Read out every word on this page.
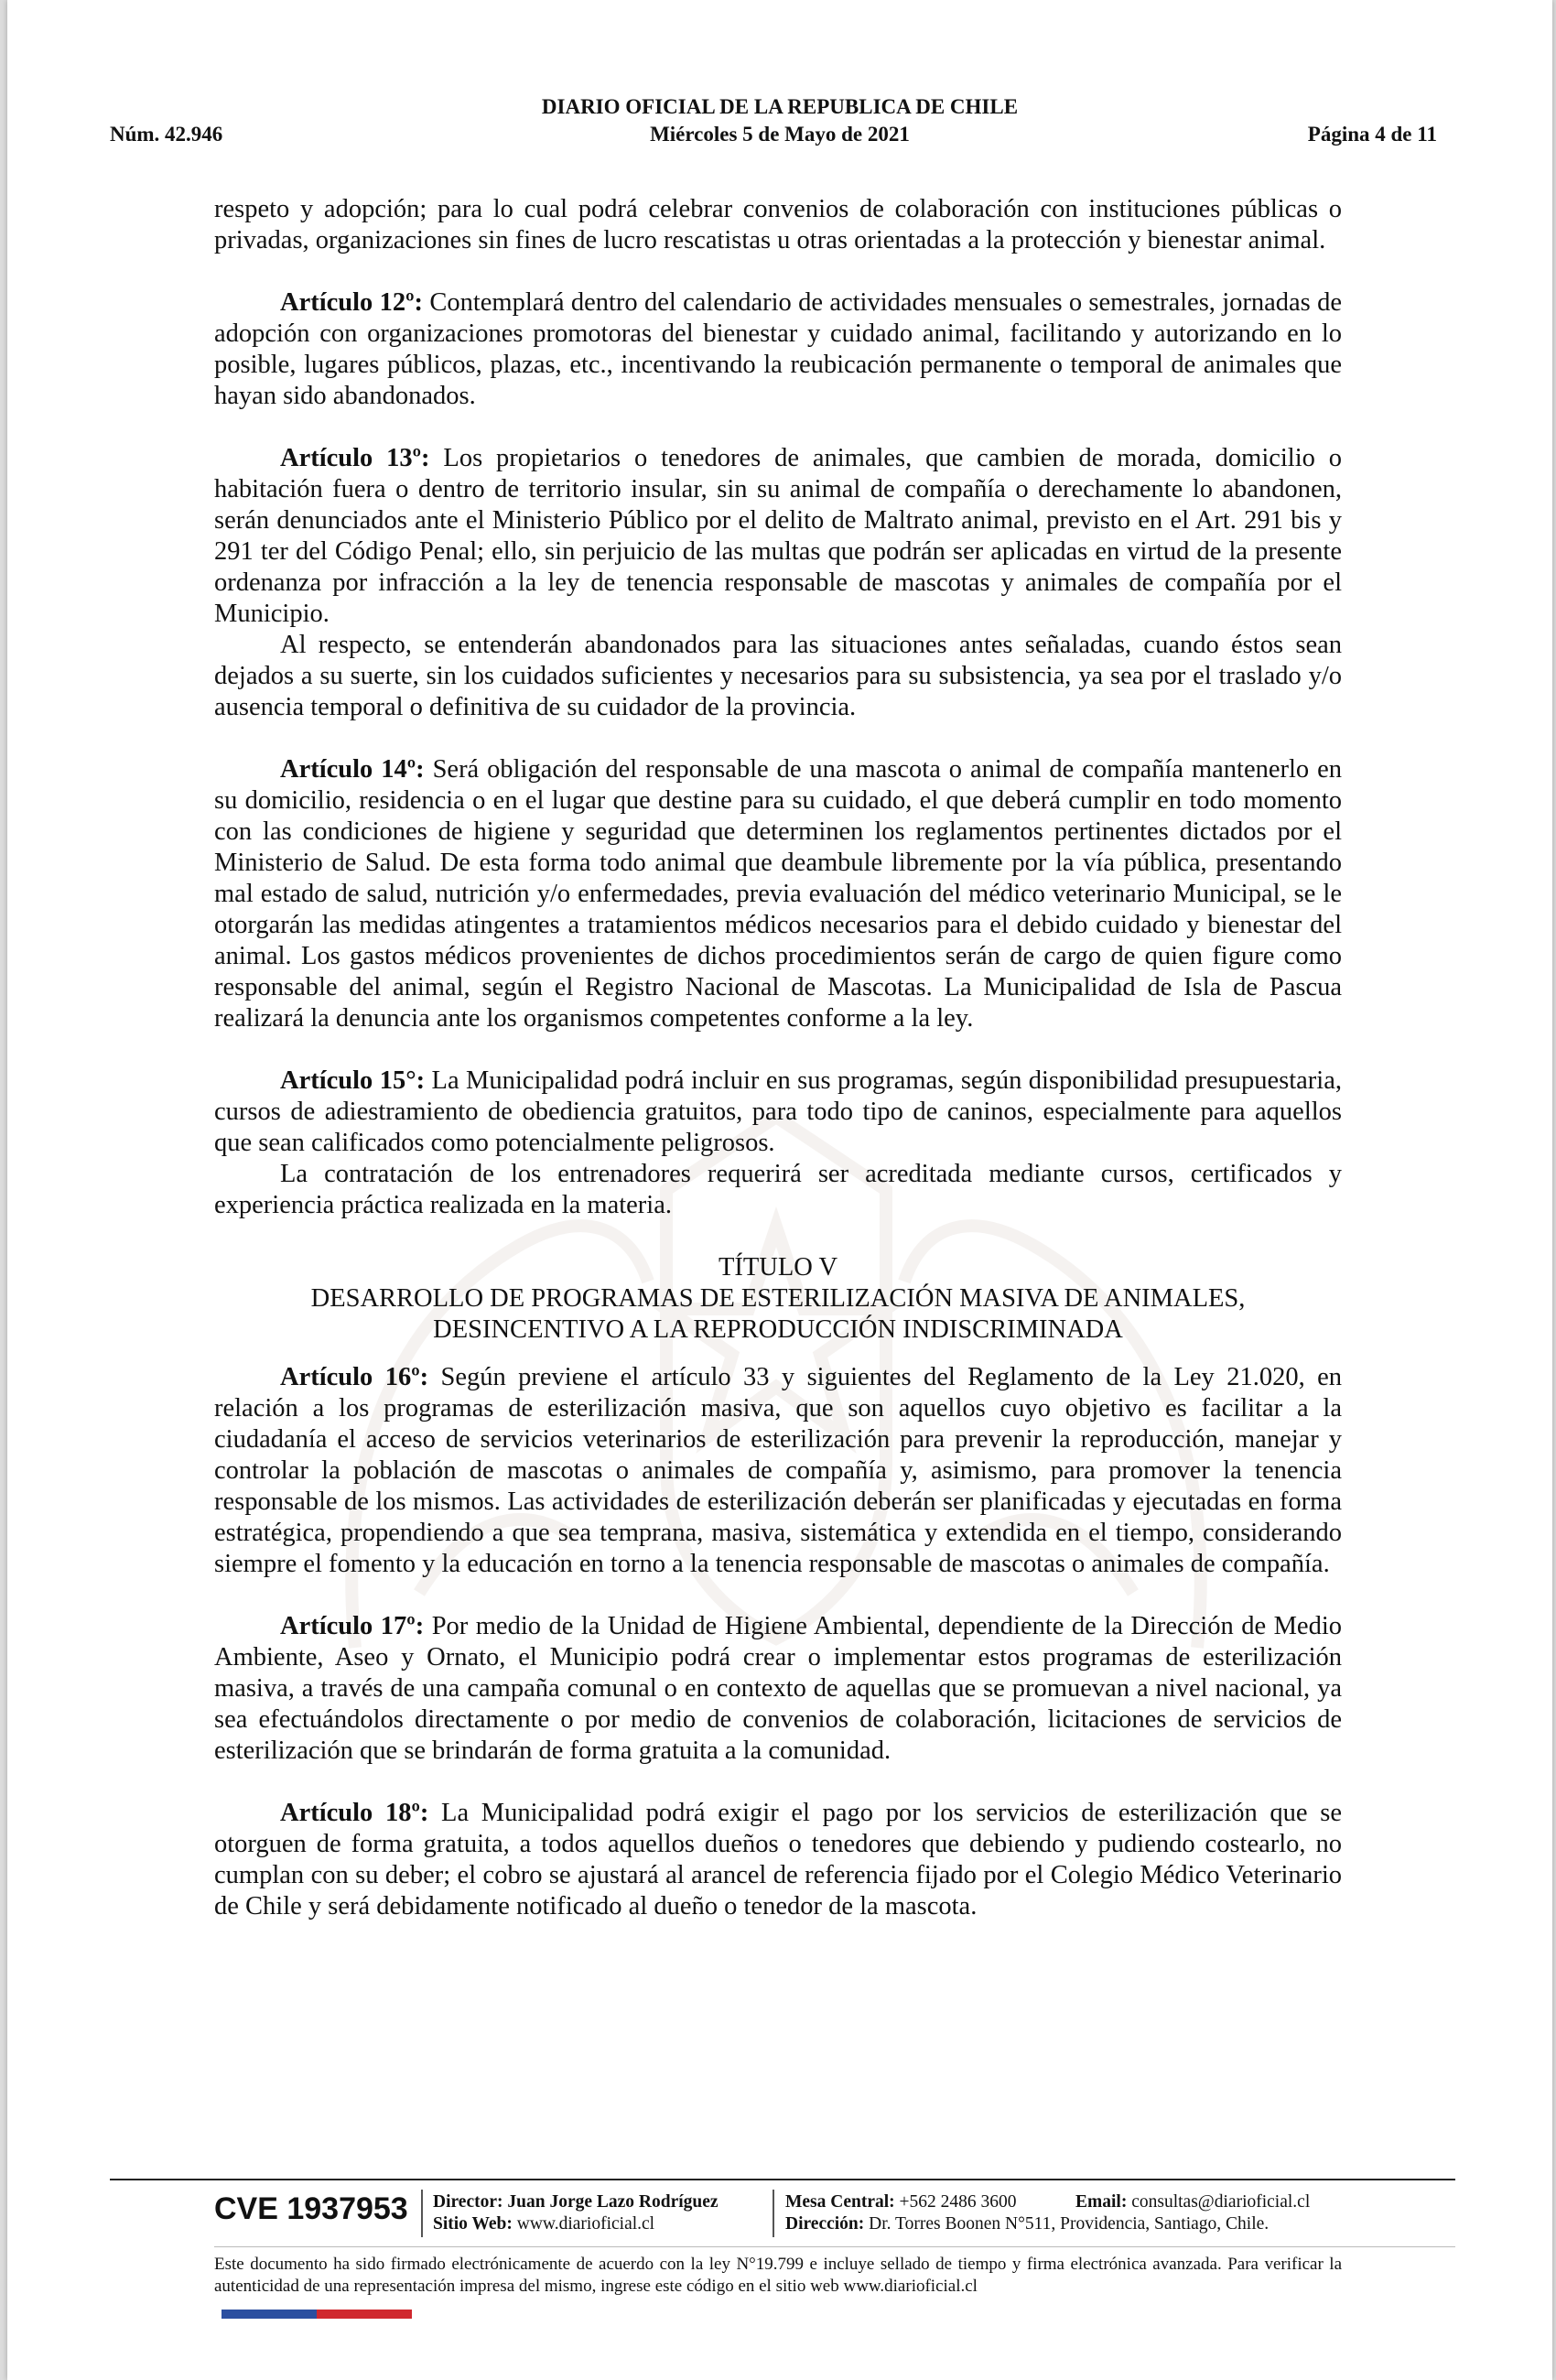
DIARIO OFICIAL DE LA REPUBLICA DE CHILE
Núm. 42.946	Miércoles 5 de Mayo de 2021	Página 4 de 11

respeto y adopción; para lo cual podrá celebrar convenios de colaboración con instituciones públicas o privadas, organizaciones sin fines de lucro rescatistas u otras orientadas a la protección y bienestar animal.

Artículo 12º: Contemplará dentro del calendario de actividades mensuales o semestrales, jornadas de adopción con organizaciones promotoras del bienestar y cuidado animal, facilitando y autorizando en lo posible, lugares públicos, plazas, etc., incentivando la reubicación permanente o temporal de animales que hayan sido abandonados.

Artículo 13º: Los propietarios o tenedores de animales, que cambien de morada, domicilio o habitación fuera o dentro de territorio insular, sin su animal de compañía o derechamente lo abandonen, serán denunciados ante el Ministerio Público por el delito de Maltrato animal, previsto en el Art. 291 bis y 291 ter del Código Penal; ello, sin perjuicio de las multas que podrán ser aplicadas en virtud de la presente ordenanza por infracción a la ley de tenencia responsable de mascotas y animales de compañía por el Municipio.

Al respecto, se entenderán abandonados para las situaciones antes señaladas, cuando éstos sean dejados a su suerte, sin los cuidados suficientes y necesarios para su subsistencia, ya sea por el traslado y/o ausencia temporal o definitiva de su cuidador de la provincia.

Artículo 14º: Será obligación del responsable de una mascota o animal de compañía mantenerlo en su domicilio, residencia o en el lugar que destine para su cuidado, el que deberá cumplir en todo momento con las condiciones de higiene y seguridad que determinen los reglamentos pertinentes dictados por el Ministerio de Salud. De esta forma todo animal que deambule libremente por la vía pública, presentando mal estado de salud, nutrición y/o enfermedades, previa evaluación del médico veterinario Municipal, se le otorgarán las medidas atingentes a tratamientos médicos necesarios para el debido cuidado y bienestar del animal. Los gastos médicos provenientes de dichos procedimientos serán de cargo de quien figure como responsable del animal, según el Registro Nacional de Mascotas. La Municipalidad de Isla de Pascua realizará la denuncia ante los organismos competentes conforme a la ley.

Artículo 15°: La Municipalidad podrá incluir en sus programas, según disponibilidad presupuestaria, cursos de adiestramiento de obediencia gratuitos, para todo tipo de caninos, especialmente para aquellos que sean calificados como potencialmente peligrosos.

La contratación de los entrenadores requerirá ser acreditada mediante cursos, certificados y experiencia práctica realizada en la materia.

TÍTULO V
DESARROLLO DE PROGRAMAS DE ESTERILIZACIÓN MASIVA DE ANIMALES,
DESINCENTIVO A LA REPRODUCCIÓN INDISCRIMINADA

Artículo 16º: Según previene el artículo 33 y siguientes del Reglamento de la Ley 21.020, en relación a los programas de esterilización masiva, que son aquellos cuyo objetivo es facilitar a la ciudadanía el acceso de servicios veterinarios de esterilización para prevenir la reproducción, manejar y controlar la población de mascotas o animales de compañía y, asimismo, para promover la tenencia responsable de los mismos. Las actividades de esterilización deberán ser planificadas y ejecutadas en forma estratégica, propendiendo a que sea temprana, masiva, sistemática y extendida en el tiempo, considerando siempre el fomento y la educación en torno a la tenencia responsable de mascotas o animales de compañía.

Artículo 17º: Por medio de la Unidad de Higiene Ambiental, dependiente de la Dirección de Medio Ambiente, Aseo y Ornato, el Municipio podrá crear o implementar estos programas de esterilización masiva, a través de una campaña comunal o en contexto de aquellas que se promuevan a nivel nacional, ya sea efectuándolos directamente o por medio de convenios de colaboración, licitaciones de servicios de esterilización que se brindarán de forma gratuita a la comunidad.

Artículo 18º: La Municipalidad podrá exigir el pago por los servicios de esterilización que se otorguen de forma gratuita, a todos aquellos dueños o tenedores que debiendo y pudiendo costearlo, no cumplan con su deber; el cobro se ajustará al arancel de referencia fijado por el Colegio Médico Veterinario de Chile y será debidamente notificado al dueño o tenedor de la mascota.

CVE 1937953 Director: Juan Jorge Lazo Rodríguez
Sitio Web: www.diarioficial.cl
Mesa Central: +562 2486 3600
Dirección: Dr. Torres Boonen N°511, Providencia, Santiago, Chile.
Email: consultas@diarioficial.cl
Este documento ha sido firmado electrónicamente de acuerdo con la ley N°19.799 e incluye sellado de tiempo y firma electrónica avanzada. Para verificar la autenticidad de una representación impresa del mismo, ingrese este código en el sitio web www.diarioficial.cl
